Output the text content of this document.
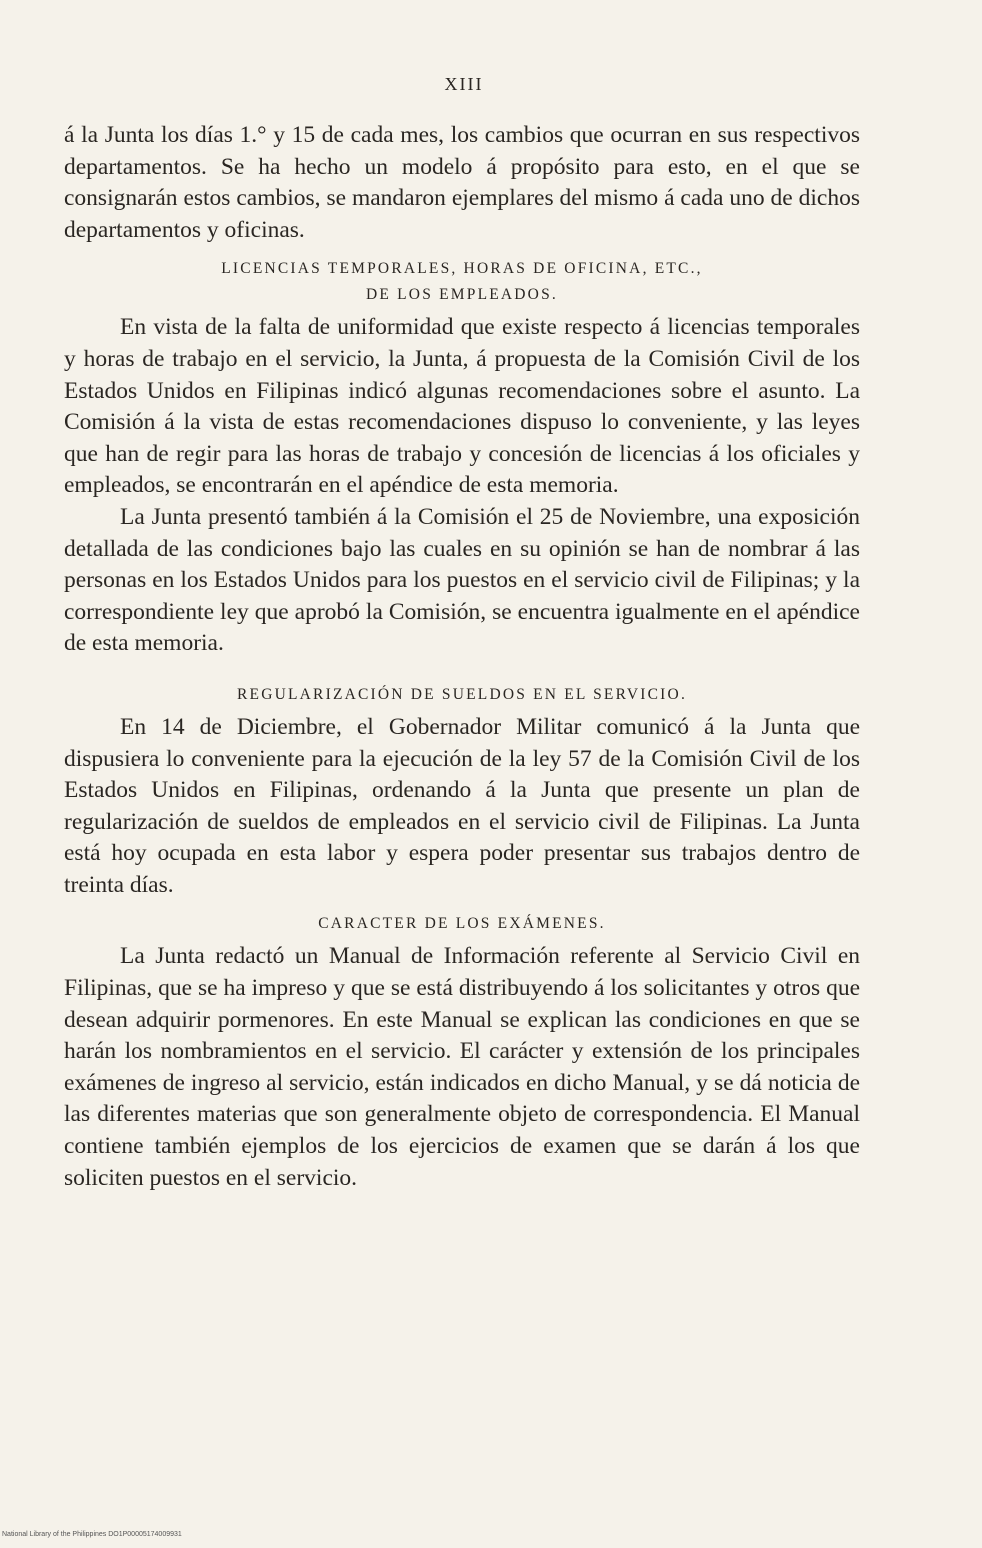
XIII

á la Junta los días 1.° y 15 de cada mes, los cambios que ocurran en sus respectivos departamentos. Se ha hecho un modelo á propósito para esto, en el que se consignarán estos cambios, se mandaron ejemplares del mismo á cada uno de dichos departamentos y oficinas.

LICENCIAS TEMPORALES, HORAS DE OFICINA, ETC.,
DE LOS EMPLEADOS.

En vista de la falta de uniformidad que existe respecto á licencias temporales y horas de trabajo en el servicio, la Junta, á propuesta de la Comisión Civil de los Estados Unidos en Filipinas indicó algunas recomendaciones sobre el asunto. La Comisión á la vista de estas recomendaciones dispuso lo conveniente, y las leyes que han de regir para las horas de trabajo y concesión de licencias á los oficiales y empleados, se encontrarán en el apéndice de esta memoria.

La Junta presentó también á la Comisión el 25 de Noviembre, una exposición detallada de las condiciones bajo las cuales en su opinión se han de nombrar á las personas en los Estados Unidos para los puestos en el servicio civil de Filipinas; y la correspondiente ley que aprobó la Comisión, se encuentra igualmente en el apéndice de esta memoria.

REGULARIZACIÓN DE SUELDOS EN EL SERVICIO.

En 14 de Diciembre, el Gobernador Militar comunicó á la Junta que dispusiera lo conveniente para la ejecución de la ley 57 de la Comisión Civil de los Estados Unidos en Filipinas, ordenando á la Junta que presente un plan de regularización de sueldos de empleados en el servicio civil de Filipinas. La Junta está hoy ocupada en esta labor y espera poder presentar sus trabajos dentro de treinta días.

CARACTER DE LOS EXÁMENES.

La Junta redactó un Manual de Información referente al Servicio Civil en Filipinas, que se ha impreso y que se está distribuyendo á los solicitantes y otros que desean adquirir pormenores. En este Manual se explican las condiciones en que se harán los nombramientos en el servicio. El carácter y extensión de los principales exámenes de ingreso al servicio, están indicados en dicho Manual, y se dá noticia de las diferentes materias que son generalmente objeto de correspondencia. El Manual contiene también ejemplos de los ejercicios de examen que se darán á los que soliciten puestos en el servicio.

National Library of the Philippines DO1P00005174009931
